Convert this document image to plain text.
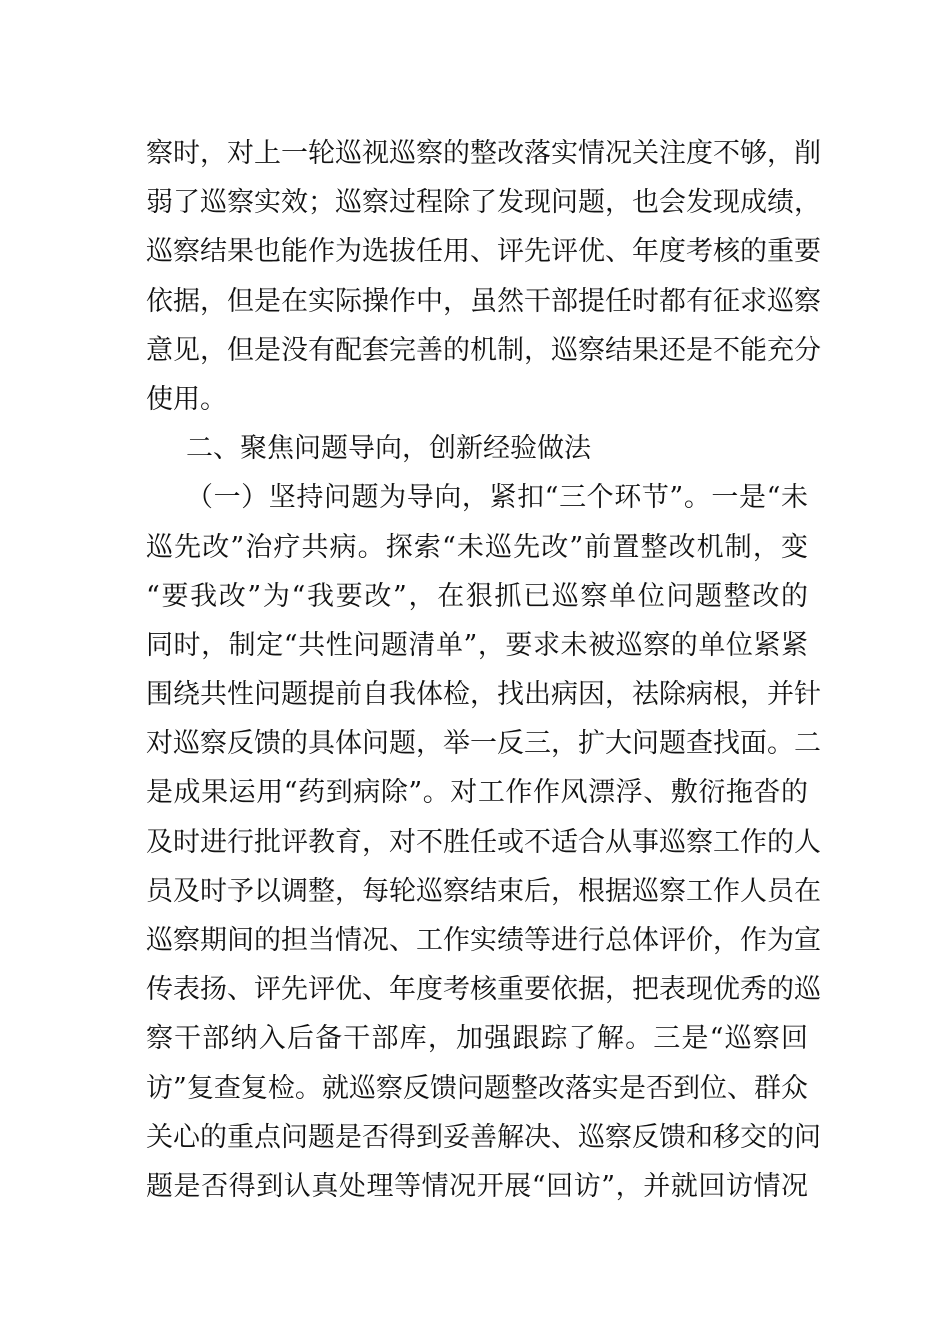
察时，对上一轮巡视巡察的整改落实情况关注度不够，削
弱了巡察实效；巡察过程除了发现问题，也会发现成绩，
巡察结果也能作为选拔任用、评先评优、年度考核的重要
依据，但是在实际操作中，虽然干部提任时都有征求巡察
意见，但是没有配套完善的机制，巡察结果还是不能充分
使用。
二、聚焦问题导向，创新经验做法
（一）坚持问题为导向，紧扣“三个环节”。一是“未
巡先改”治疗共病。探索“未巡先改”前置整改机制，变
“要我改”为“我要改”，在狠抓已巡察单位问题整改的
同时，制定“共性问题清单”，要求未被巡察的单位紧紧
围绕共性问题提前自我体检，找出病因，祛除病根，并针
对巡察反馈的具体问题，举一反三，扩大问题查找面。二
是成果运用“药到病除”。对工作作风漂浮、敷衍拖沓的
及时进行批评教育，对不胜任或不适合从事巡察工作的人
员及时予以调整，每轮巡察结束后，根据巡察工作人员在
巡察期间的担当情况、工作实绩等进行总体评价，作为宣
传表扬、评先评优、年度考核重要依据，把表现优秀的巡
察干部纳入后备干部库，加强跟踪了解。三是“巡察回
访”复查复检。就巡察反馈问题整改落实是否到位、群众
关心的重点问题是否得到妥善解决、巡察反馈和移交的问
题是否得到认真处理等情况开展“回访”，并就回访情况
